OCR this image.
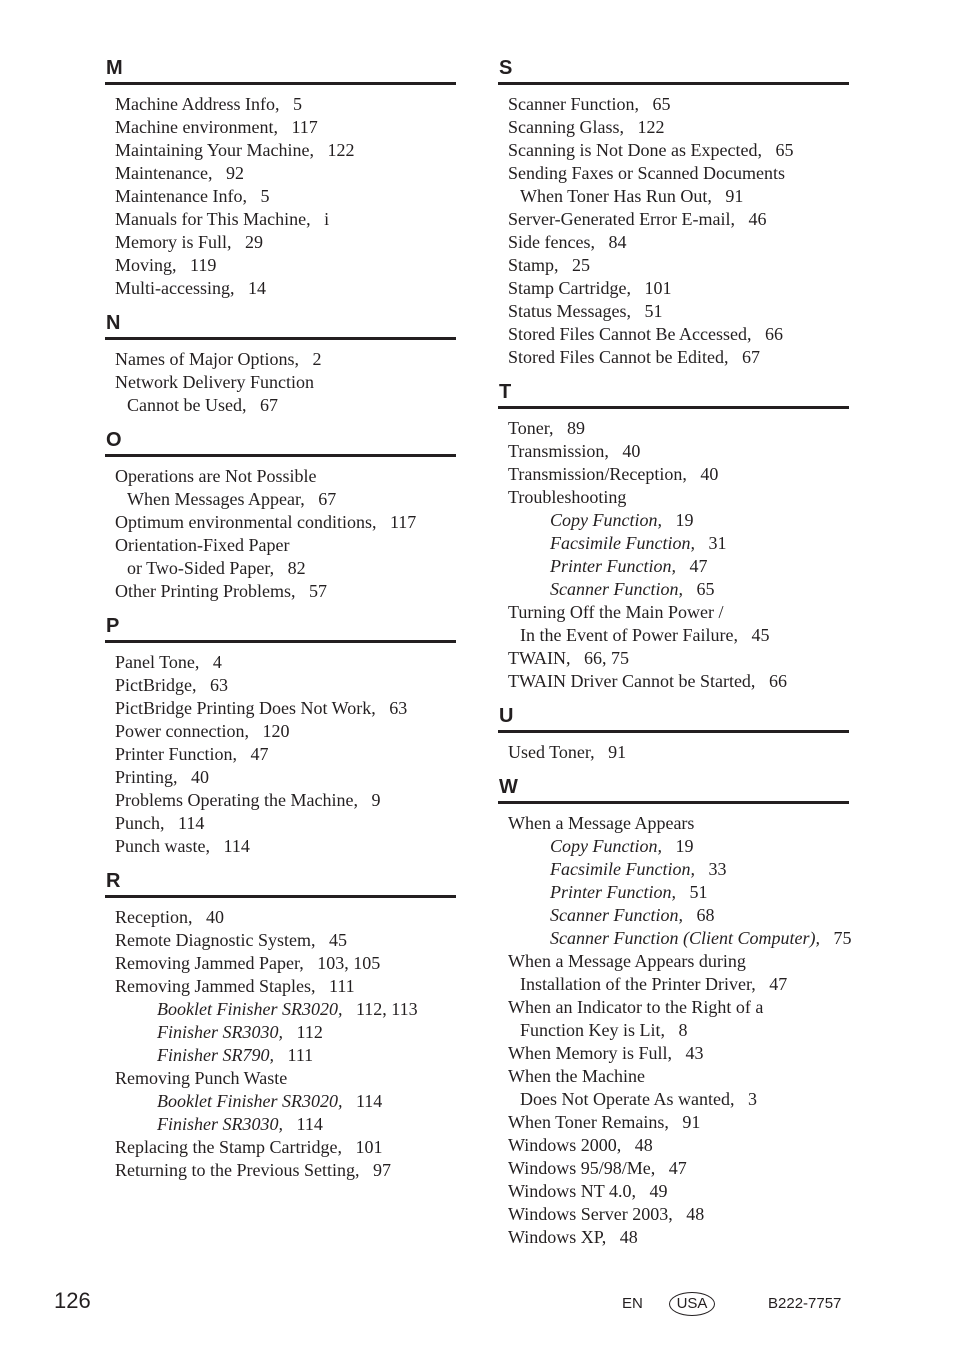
M
Machine Address Info, 5
Machine environment, 117
Maintaining Your Machine, 122
Maintenance, 92
Maintenance Info, 5
Manuals for This Machine, i
Memory is Full, 29
Moving, 119
Multi-accessing, 14
N
Names of Major Options, 2
Network Delivery Function
Cannot be Used, 67
O
Operations are Not Possible
When Messages Appear, 67
Optimum environmental conditions, 117
Orientation-Fixed Paper
or Two-Sided Paper, 82
Other Printing Problems, 57
P
Panel Tone, 4
PictBridge, 63
PictBridge Printing Does Not Work, 63
Power connection, 120
Printer Function, 47
Printing, 40
Problems Operating the Machine, 9
Punch, 114
Punch waste, 114
R
Reception, 40
Remote Diagnostic System, 45
Removing Jammed Paper, 103, 105
Removing Jammed Staples, 111
Booklet Finisher SR3020, 112, 113
Finisher SR3030, 112
Finisher SR790, 111
Removing Punch Waste
Booklet Finisher SR3020, 114
Finisher SR3030, 114
Replacing the Stamp Cartridge, 101
Returning to the Previous Setting, 97
S
Scanner Function, 65
Scanning Glass, 122
Scanning is Not Done as Expected, 65
Sending Faxes or Scanned Documents
When Toner Has Run Out, 91
Server-Generated Error E-mail, 46
Side fences, 84
Stamp, 25
Stamp Cartridge, 101
Status Messages, 51
Stored Files Cannot Be Accessed, 66
Stored Files Cannot be Edited, 67
T
Toner, 89
Transmission, 40
Transmission/Reception, 40
Troubleshooting
Copy Function, 19
Facsimile Function, 31
Printer Function, 47
Scanner Function, 65
Turning Off the Main Power /
In the Event of Power Failure, 45
TWAIN, 66, 75
TWAIN Driver Cannot be Started, 66
U
Used Toner, 91
W
When a Message Appears
Copy Function, 19
Facsimile Function, 33
Printer Function, 51
Scanner Function, 68
Scanner Function (Client Computer), 75
When a Message Appears during
Installation of the Printer Driver, 47
When an Indicator to the Right of a
Function Key is Lit, 8
When Memory is Full, 43
When the Machine
Does Not Operate As wanted, 3
When Toner Remains, 91
Windows 2000, 48
Windows 95/98/Me, 47
Windows NT 4.0, 49
Windows Server 2003, 48
Windows XP, 48
126	EN	USA	B222-7757
